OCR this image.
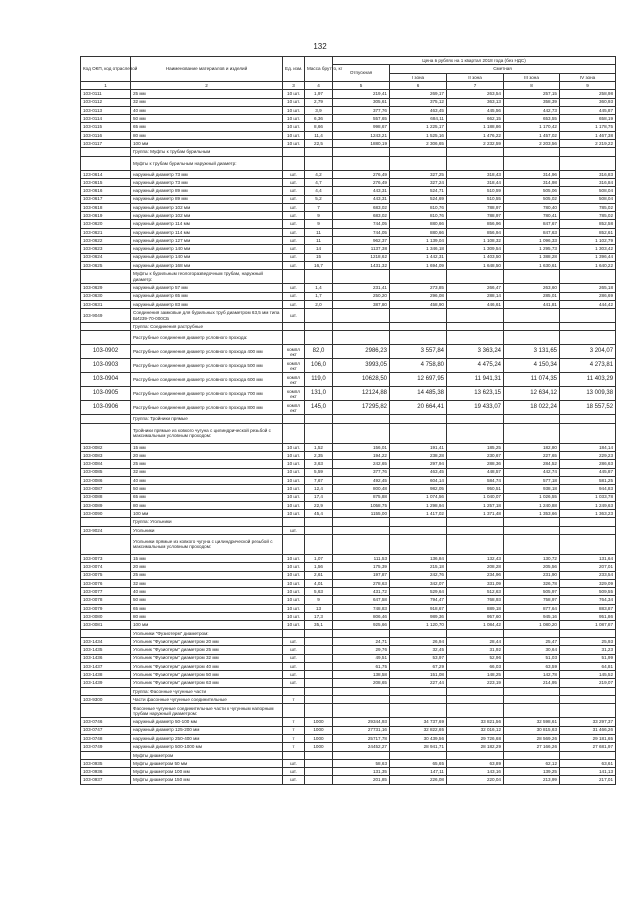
132
Код ОКП, код отраслевой	Наименование материалов и изделий	Ед. изм.	Масса брутто, кг	Цена в рублях на 1 квартал 2018 года (без НДС)				
				Отпускная	Сметная			
					I зона	II зона	III зона	IV зона
1	2	3	4	5	6	7	8	9
103-0111	25 мм	10 шт.	1,97	219,41	269,17	263,54	257,15	258,98
103-0112	32 мм	10 шт.	2,79	305,61	375,12	363,13	358,39	360,93
103-0113	40 мм	10 шт.	3,9	377,76	463,45	445,56	442,73	445,87
103-0114	50 мм	10 шт.	6,36	557,65	684,11	662,15	653,55	658,19
103-0115	65 мм	10 шт.	8,66	998,67	1 225,17	1 188,86	1 170,42	1 178,75
103-0116	80 мм	10 шт.	11,4	1243,21	1 525,16	1 476,22	1 457,02	1 467,38
103-0117	100 мм	10 шт.	22,5	1880,19	2 306,65	2 232,59	2 203,56	2 219,22
	Группа: Муфты к трубам бурильным							
	Муфты к трубам бурильным наружный диаметр:							
123-0614	наружный диаметр 73 мм	шт.	4,2	276,49	327,25	318,43	314,96	316,83
103-0615	наружный диаметр 73 мм	шт.	4,7	276,49	327,24	318,44	314,98	316,84
103-0616	наружный диаметр 89 мм	шт.	4,4	443,31	524,71	510,59	505,06	508,04
103-0617	наружный диаметр 89 мм	шт.	5,2	443,31	524,69	510,55	505,02	508,04
103-0618	наружный диаметр 102 мм	шт.	7	683,02	810,76	788,97	780,40	785,02
103-0619	наружный диаметр 102 мм	шт.	9	683,02	810,76	788,97	780,41	785,02
103-0620	наружный диаметр 114 мм	шт.	9	744,05	880,66	856,96	847,67	852,58
103-0621	наружный диаметр 114 мм	шт.	11	744,05	880,66	856,94	847,63	852,61
103-0622	наружный диаметр 127 мм	шт.	11	962,37	1 139,04	1 108,32	1 096,33	1 102,79
103-0623	наружный диаметр 140 мм	шт.	14	1137,38	1 346,18	1 309,54	1 295,73	1 303,42
103-0624	наружный диаметр 140 мм	шт.	15	1218,62	1 442,31	1 403,50	1 388,28	1 396,44
103-0625	наружный диаметр 168 мм	шт.	16,7	1431,32	1 694,09	1 648,50	1 630,61	1 640,22
	Муфты к бурильным геологоразведочным трубам, наружный диаметр:							
103-0629	наружный диаметр 57 мм	шт.	1,4	231,41	273,85	266,47	263,60	265,18
103-0630	наружный диаметр 65 мм	шт.	1,7	250,20	296,08	288,14	285,01	286,69
103-0631	наружный диаметр 83 мм	шт.	2,0	387,80	458,90	446,61	441,81	444,42
103-9049	Соединения замковые для бурильных труб диаметром 63,5 мм типа БИ239-70-000СБ	шт.						
	Группа: Соединения раструбные							
	Раструбные соединения диаметр условного прохода:							
103-0902	Раструбные соединения диаметр условного прохода 400 мм	компл ект	82,0	2986,23	3 557,84	3 363,24	3 131,65	3 204,07
103-0903	Раструбные соединения диаметр условного прохода 500 мм	компл ект	106,0	3993,05	4 758,80	4 475,24	4 150,34	4 273,81
103-0904	Раструбные соединения диаметр условного прохода 600 мм	компл ект	119,0	10628,50	12 697,95	11 941,31	11 074,35	11 403,29
103-0905	Раструбные соединения диаметр условного прохода 700 мм	компл ект	131,0	12124,88	14 485,38	13 623,15	12 634,12	13 009,38
103-0906	Раструбные соединения диаметр условного прохода 800 мм	компл ект	145,0	17295,82	20 664,41	19 433,07	18 022,24	18 557,52
	Группа: Тройники прямые							
	Тройники прямые из ковкого чугуна с цилиндрической резьбой с максимальным условным проходом:							
103-0082	15 мм	10 шт.	1,52	156,01	191,41	185,25	182,80	184,14
103-0083	20 мм	10 шт.	2,35	194,22	238,28	230,67	227,65	229,23
103-0084	25 мм	10 шт.	3,63	242,65	297,94	288,36	284,52	286,63
103-0085	32 мм	10 шт.	5,59	377,76	463,45	448,57	442,74	445,87
103-0086	40 мм	10 шт.	7,67	492,45	604,14	584,74	577,18	581,25
103-0087	50 мм	10 шт.	12,4	800,48	982,05	950,51	938,18	944,83
103-0088	65 мм	10 шт.	17,4	875,88	1 074,56	1 040,07	1 026,55	1 033,78
103-0089	80 мм	10 шт.	22,9	1058,75	1 298,94	1 257,18	1 240,88	1 249,63
103-0090	100 мм	10 шт.	45,4	1155,00	1 417,02	1 371,48	1 353,66	1 363,23
	Группа: Угольники							
103-9024	Угольники	шт.						
	Угольники прямые из ковкого чугуна с цилиндрической резьбой с максимальным условным проходом:							
103-0073	15 мм	10 шт.	1,07	111,53	136,84	132,43	130,72	131,64
103-0074	20 мм	10 шт.	1,56	175,39	215,18	208,28	205,56	207,01
103-0075	25 мм	10 шт.	2,61	197,87	242,76	234,96	231,90	233,54
103-0076	32 мм	10 шт.	4,01	278,63	342,07	331,09	326,78	329,09
103-0077	40 мм	10 шт.	5,63	431,72	529,64	512,63	505,97	509,55
103-0078	50 мм	10 шт.	9	647,58	794,47	768,93	758,97	764,34
103-0079	65 мм	10 шт.	13	748,83	918,67	889,18	877,64	883,87
103-0080	80 мм	10 шт.	17,3	806,46	989,36	957,60	945,16	951,86
103-0081	100 мм	10 шт.	35,1	925,66	1 120,70	1 084,42	1 080,20	1 087,87
	Угольники "Фузиотерм" диаметром:							
103-1434	Угольник "Фузиотерм" диаметром 20 мм	шт.		24,71	26,94	28,44	25,47	25,93
103-1435	Угольник "Фузиотерм" диаметром 25 мм	шт.		29,76	32,45	31,92	30,64	31,23
103-1436	Угольник "Фузиотерм" диаметром 32 мм	шт.		49,51	53,97	52,96	51,03	51,99
103-1437	Угольник "Фузиотерм" диаметром 40 мм	шт.		61,75	67,29	66,03	63,59	64,81
103-1438	Угольник "Фузиотерм" диаметром 50 мм	шт.		138,58	151,08	148,25	142,78	145,52
103-1439	Угольник "Фузиотерм" диаметром 63 мм	шт.		208,65	227,44	223,19	214,95	219,07
	Группа: Фасонные чугунные части							
103-9300	Части фасонные чугунные соединительные	т						
	Фасонные чугунные соединительные части к чугунным напорным трубам наружный диаметром:							
103-0746	наружный диаметр 50-100 мм	т	1000	29344,93	34 737,69	33 821,56	32 598,61	33 297,37
103-0747	наружный диаметр 125-200 мм	т	1000	27731,16	32 822,65	32 016,12	30 815,63	31 466,26
103-0748	наружный диаметр 250-400 мм	т	1000	25717,78	30 439,56	29 726,68	28 569,26	29 181,65
103-0749	наружный диаметр 500-1000 мм	т	1000	24452,27	28 941,71	28 182,29	27 166,26	27 681,97
	Муфты диаметром							
103-0935	Муфты диаметром 50 мм	шт.		58,63	65,65	63,89	62,12	63,61
103-0936	Муфты диаметром 100 мм	шт.		131,35	147,11	143,16	139,25	141,13
103-0937	Муфты диаметром 150 мм	шт.		201,85	226,08	220,04	213,99	217,01
